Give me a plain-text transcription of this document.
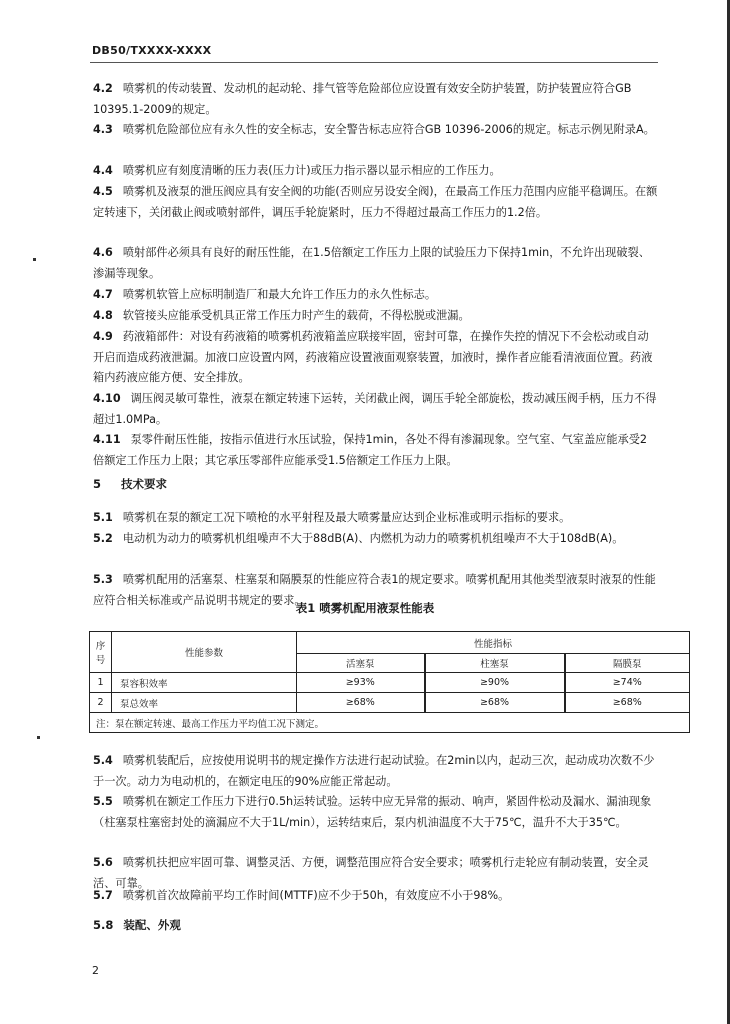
DB50/TXXXX-XXXX

4.2 喷雾机的传动装置、发动机的起动轮、排气管等危险部位应设置有效安全防护装置，防护装置应符合GB 10395.1-2009的规定。

4.3 喷雾机危险部位应有永久性的安全标志，安全警告标志应符合GB 10396-2006的规定。标志示例见附录A。

4.4 喷雾机应有刻度清晰的压力表(压力计)或压力指示器以显示相应的工作压力。

4.5 喷雾机及液泵的泄压阀应具有安全阀的功能(否则应另设安全阀)，在最高工作压力范围内应能平稳调压。在额定转速下，关闭截止阀或喷射部件，调压手轮旋紧时，压力不得超过最高工作压力的1.2倍。

4.6 喷射部件必须具有良好的耐压性能，在1.5倍额定工作压力上限的试验压力下保持1min，不允许出现破裂、渗漏等现象。

4.7 喷雾机软管上应标明制造厂和最大允许工作压力的永久性标志。

4.8 软管接头应能承受机具正常工作压力时产生的载荷，不得松脱或泄漏。

4.9 药液箱部件：对设有药液箱的喷雾机药液箱盖应联接牢固，密封可靠，在操作失控的情况下不会松动或自动开启而造成药液泄漏。加液口应设置内网，药液箱应设置液面观察装置，加液时，操作者应能看清液面位置。药液箱内药液应能方便、安全排放。

4.10 调压阀灵敏可靠性，液泵在额定转速下运转，关闭截止阀，调压手轮全部旋松，拨动减压阀手柄，压力不得超过1.0MPa。

4.11 泵零件耐压性能，按指示值进行水压试验，保持1min，各处不得有渗漏现象。空气室、气室盖应能承受2倍额定工作压力上限；其它承压零部件应能承受1.5倍额定工作压力上限。

5 技术要求

5.1 喷雾机在泵的额定工况下喷枪的水平射程及最大喷雾量应达到企业标准或明示指标的要求。

5.2 电动机为动力的喷雾机机组噪声不大于88dB(A)、内燃机为动力的喷雾机机组噪声不大于108dB(A)。

5.3 喷雾机配用的活塞泵、柱塞泵和隔膜泵的性能应符合表1的规定要求。喷雾机配用其他类型液泵时液泵的性能应符合相关标准或产品说明书规定的要求。

表1 喷雾机配用液泵性能表
序号	性能参数	性能指标		
		活塞泵	柱塞泵	隔膜泵
1	泵容积效率	≥93%	≥90%	≥74%
2	泵总效率	≥68%	≥68%	≥68%
注：泵在额定转速、最高工作压力平均值工况下测定。				

5.4 喷雾机装配后，应按使用说明书的规定操作方法进行起动试验。在2min以内，起动三次，起动成功次数不少于一次。动力为电动机的，在额定电压的90%应能正常起动。

5.5 喷雾机在额定工作压力下进行0.5h运转试验。运转中应无异常的振动、响声，紧固件松动及漏水、漏油现象（柱塞泵柱塞密封处的滴漏应不大于1L/min），运转结束后，泵内机油温度不大于75℃，温升不大于35℃。

5.6 喷雾机扶把应牢固可靠、调整灵活、方便，调整范围应符合安全要求；喷雾机行走轮应有制动装置，安全灵活、可靠。

5.7 喷雾机首次故障前平均工作时间(MTTF)应不少于50h，有效度应不小于98%。

5.8 装配、外观
2
